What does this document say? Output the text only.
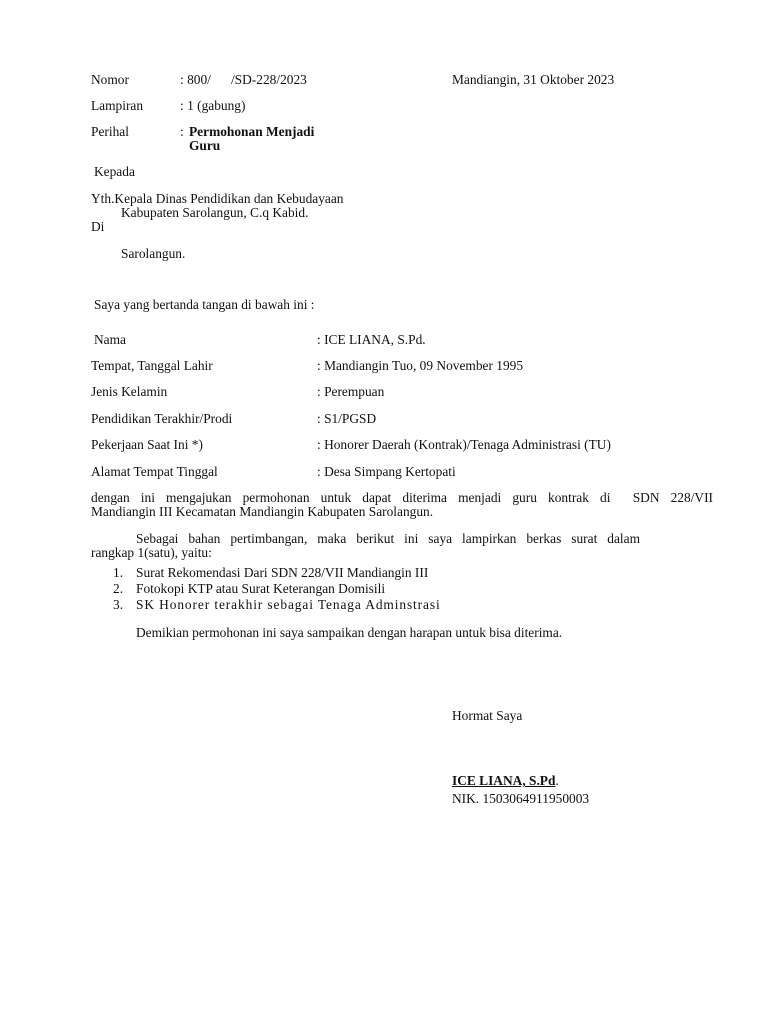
Nomor	: 800/      /SD-228/2023	Mandiangin, 31 Oktober 2023
Lampiran	: 1 (gabung)
Perihal	: Permohonan Menjadi
Guru
Kepada
Yth.Kepala Dinas Pendidikan dan Kebudayaan
Kabupaten Sarolangun, C.q Kabid.
Di
Sarolangun.
Saya yang bertanda tangan di bawah ini :
Nama	: ICE LIANA, S.Pd.
Tempat, Tanggal Lahir	: Mandiangin Tuo, 09 November 1995
Jenis Kelamin	: Perempuan
Pendidikan Terakhir/Prodi	: S1/PGSD
Pekerjaan Saat Ini *)	: Honorer Daerah (Kontrak)/Tenaga Administrasi (TU)
Alamat Tempat Tinggal	: Desa Simpang Kertopati
dengan ini mengajukan permohonan untuk dapat diterima menjadi guru kontrak di  SDN 228/VII
Mandiangin III Kecamatan Mandiangin Kabupaten Sarolangun.
Sebagai bahan pertimbangan, maka berikut ini saya lampirkan berkas surat dalam
rangkap 1(satu), yaitu:
1. Surat Rekomendasi Dari SDN 228/VII Mandiangin III
2. Fotokopi KTP atau Surat Keterangan Domisili
3. SK Honorer terakhir sebagai Tenaga Adminstrasi
Demikian permohonan ini saya sampaikan dengan harapan untuk bisa diterima.
Hormat Saya
ICE LIANA, S.Pd.
NIK. 1503064911950003
